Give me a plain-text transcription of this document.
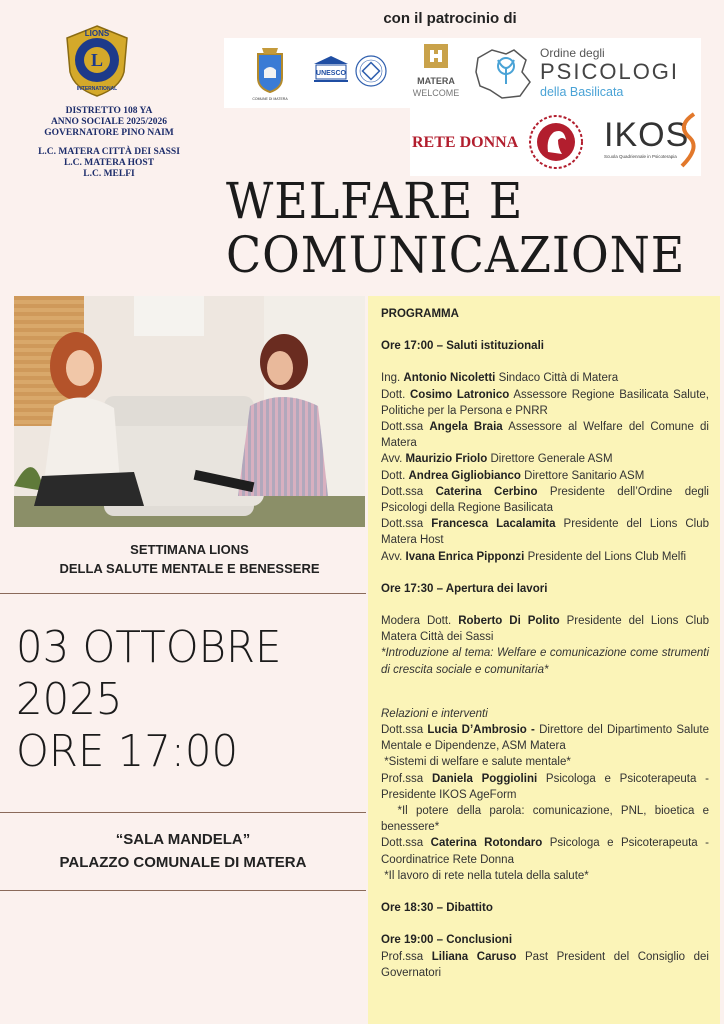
L
LIONS
INTERNATIONAL
DISTRETTO 108 YA
ANNO SOCIALE 2025/2026
GOVERNATORE PINO NAIM
L.C. MATERA CITTÀ DEI SASSI
L.C. MATERA HOST
L.C. MELFI
con il patrocinio di
COMUNE DI MATERA
UNESCO
MATERA
WELCOME
Ordine degli
PSICOLOGI
della Basilicata
RETE DONNA	IKOS
Scuola Quadriennale in Psicoterapia
WELFARE E
COMUNICAZIONE
SETTIMANA LIONS
DELLA SALUTE MENTALE E BENESSERE
03 OTTOBRE
2025
ORE 17:00
“SALA MANDELA”
PALAZZO COMUNALE DI MATERA

PROGRAMMA

Ore 17:00 – Saluti istituzionali

Ing. Antonio Nicoletti Sindaco Città di Matera

Dott. Cosimo Latronico Assessore Regione Basilicata Salute, Politiche per la Persona e PNRR

Dott.ssa Angela Braia Assessore al Welfare del Comune di Matera

Avv. Maurizio Friolo Direttore Generale ASM

Dott. Andrea Gigliobianco Direttore Sanitario ASM

Dott.ssa Caterina Cerbino Presidente dell’Ordine degli Psicologi della Regione Basilicata

Dott.ssa Francesca Lacalamita Presidente del Lions Club Matera Host

Avv. Ivana Enrica Pipponzi Presidente del Lions Club Melfi

Ore 17:30 – Apertura dei lavori

Modera Dott. Roberto Di Polito Presidente del Lions Club Matera Città dei Sassi

*Introduzione al tema: Welfare e comunicazione come strumenti di crescita sociale e comunitaria*

Relazioni e interventi

Dott.ssa Lucia D’Ambrosio - Direttore del Dipartimento Salute Mentale e Dipendenze, ASM Matera

*Sistemi di welfare e salute mentale*

Prof.ssa Daniela Poggiolini Psicologa e Psicoterapeuta - Presidente IKOS AgeForm

*Il potere della parola: comunicazione, PNL, bioetica e benessere*

Dott.ssa Caterina Rotondaro Psicologa e Psicoterapeuta - Coordinatrice Rete Donna

*Il lavoro di rete nella tutela della salute*

Ore 18:30 – Dibattito

Ore 19:00 – Conclusioni

Prof.ssa Liliana Caruso Past President del Consiglio dei Governatori
